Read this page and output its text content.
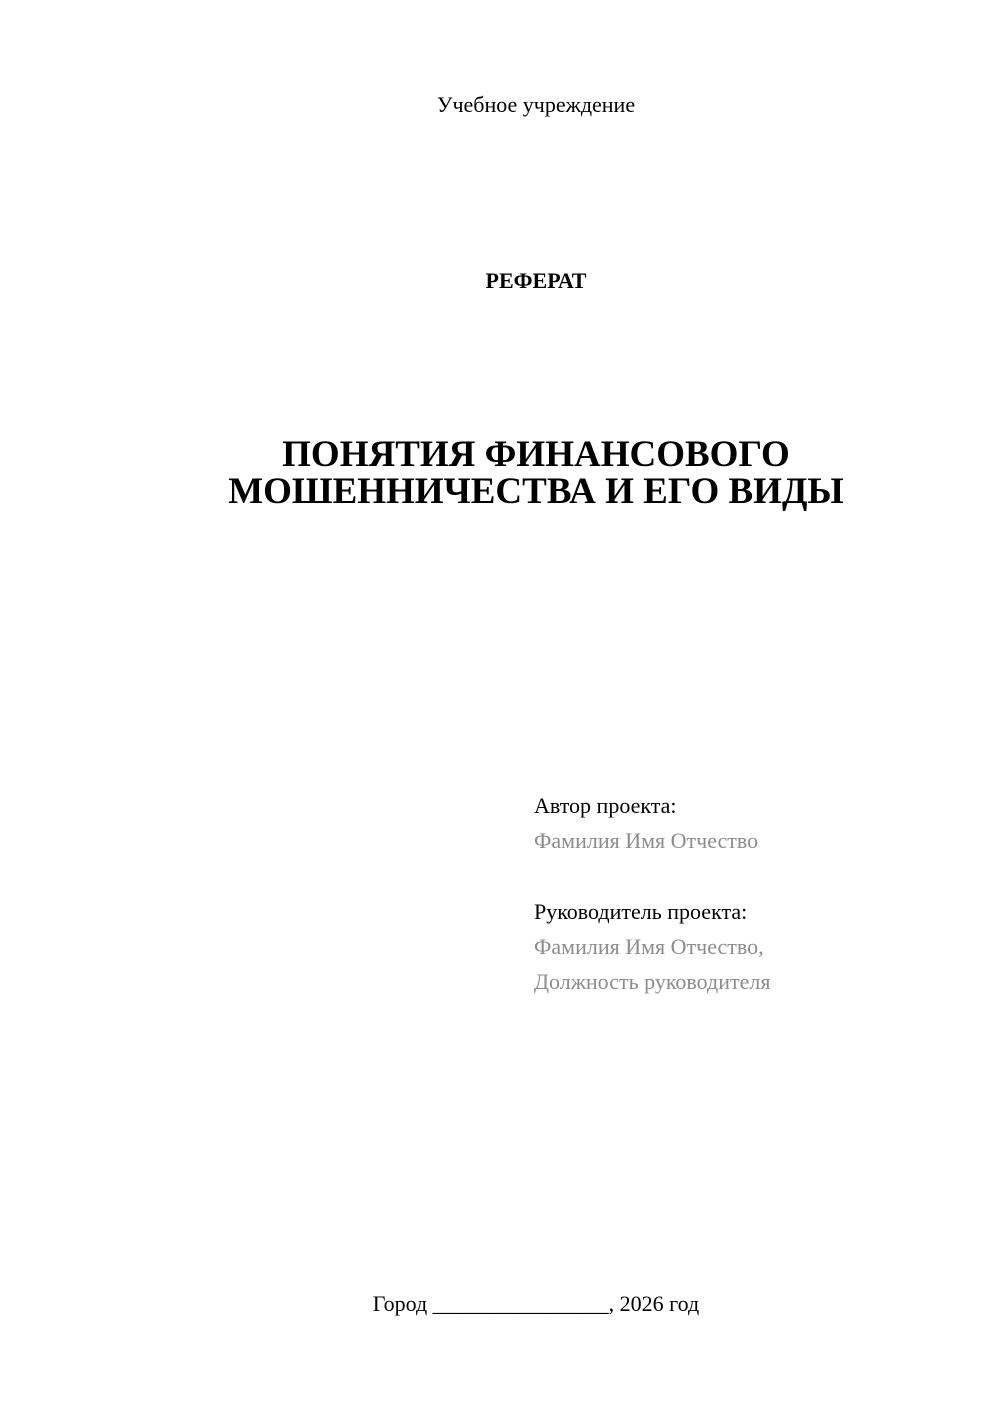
Учебное учреждение
РЕФЕРАТ
ПОНЯТИЯ ФИНАНСОВОГО
МОШЕННИЧЕСТВА И ЕГО ВИДЫ
Автор проекта:
Фамилия Имя Отчество
Руководитель проекта:
Фамилия Имя Отчество,
Должность руководителя
Город ________________, 2026 год
